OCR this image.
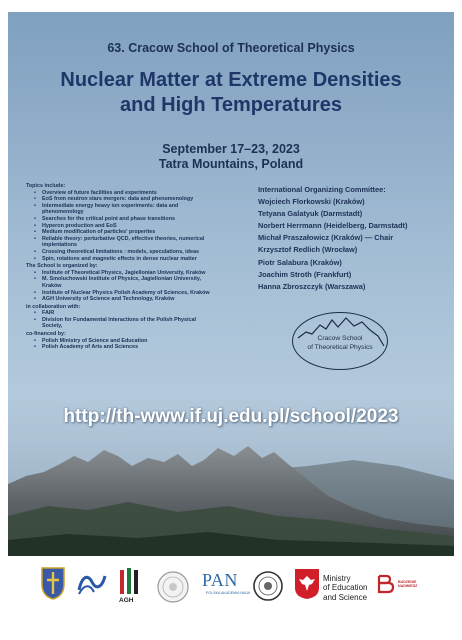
63. Cracow School of Theoretical Physics
Nuclear Matter at Extreme Densities
and High Temperatures
September 17–23, 2023
Tatra Mountains, Poland
Topics include:
• Overview of future facilities and experiments
• EoS from neutron stars mergers: data and phenomenology
• Intermediate energy heavy ion experiments: data and
phenomenology
• Searches for the critical point and phase transitions
• Hyperon production and EoS
• Medium modification of particles' properites
• Reliable theory: perturbative QCD, effective theories, numerical
implentations
• Crossing theoretical limitations : models, speculations, ideas
• Spin, rotations and magnetic effects in dense nuclear matter
The School is organized by:
• Institute of Theoretical Physics, Jagiellonian University, Kraków
• M. Smoluchowski Institute of Physics, Jagiellonian University,
Kraków
• Institute of Nuclear Physics Polish Academy of Sciences, Kraków
• AGH University of Science and Technology, Kraków
in collaboration with:
• FAIR
• Division for Fundamental Interactions of the Polish Physical
Society,
co-financed by:
• Polish Ministry of Science and Education
• Polish Academy of Arts and Sciences
International Organizing Committee:
Wojciech Florkowski (Kraków)
Tetyana Galatyuk (Darmstadt)
Norbert Herrmann (Heidelberg, Darmstadt)
Michał Praszałowicz (Kraków) — Chair
Krzysztof Redlich (Wrocław)
Piotr Salabura (Kraków)
Joachim Stroth (Frankfurt)
Hanna Zbroszczyk (Warszawa)
Cracow School
of Theoretical Physics
http://th-www.if.uj.edu.pl/school/2023
AGH
PAN
POLSKA AKADEMIA NAUK
Ministry
of Education
and Science
BUDZENIE
NADWIEDZ
